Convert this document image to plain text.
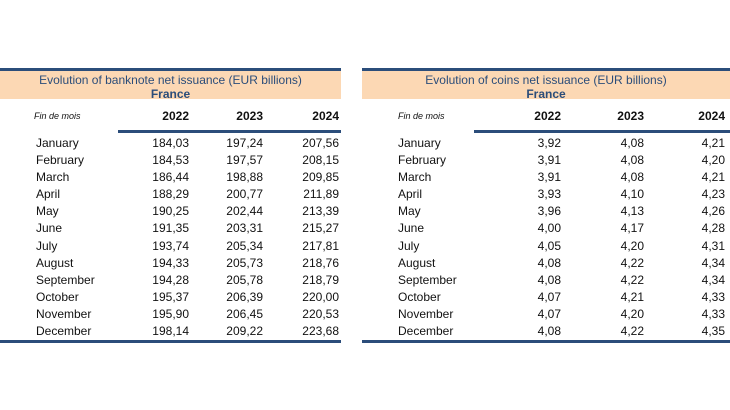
Evolution of banknote net issuance (EUR billions)
France
Fin de mois	2022	2023	2024
January	184,03	197,24	207,56
February	184,53	197,57	208,15
March	186,44	198,88	209,85
April	188,29	200,77	211,89
May	190,25	202,44	213,39
June	191,35	203,31	215,27
July	193,74	205,34	217,81
August	194,33	205,73	218,76
September	194,28	205,78	218,79
October	195,37	206,39	220,00
November	195,90	206,45	220,53
December	198,14	209,22	223,68
Evolution of coins net issuance (EUR billions)
France
Fin de mois	2022	2023	2024
January	3,92	4,08	4,21
February	3,91	4,08	4,20
March	3,91	4,08	4,21
April	3,93	4,10	4,23
May	3,96	4,13	4,26
June	4,00	4,17	4,28
July	4,05	4,20	4,31
August	4,08	4,22	4,34
September	4,08	4,22	4,34
October	4,07	4,21	4,33
November	4,07	4,20	4,33
December	4,08	4,22	4,35
